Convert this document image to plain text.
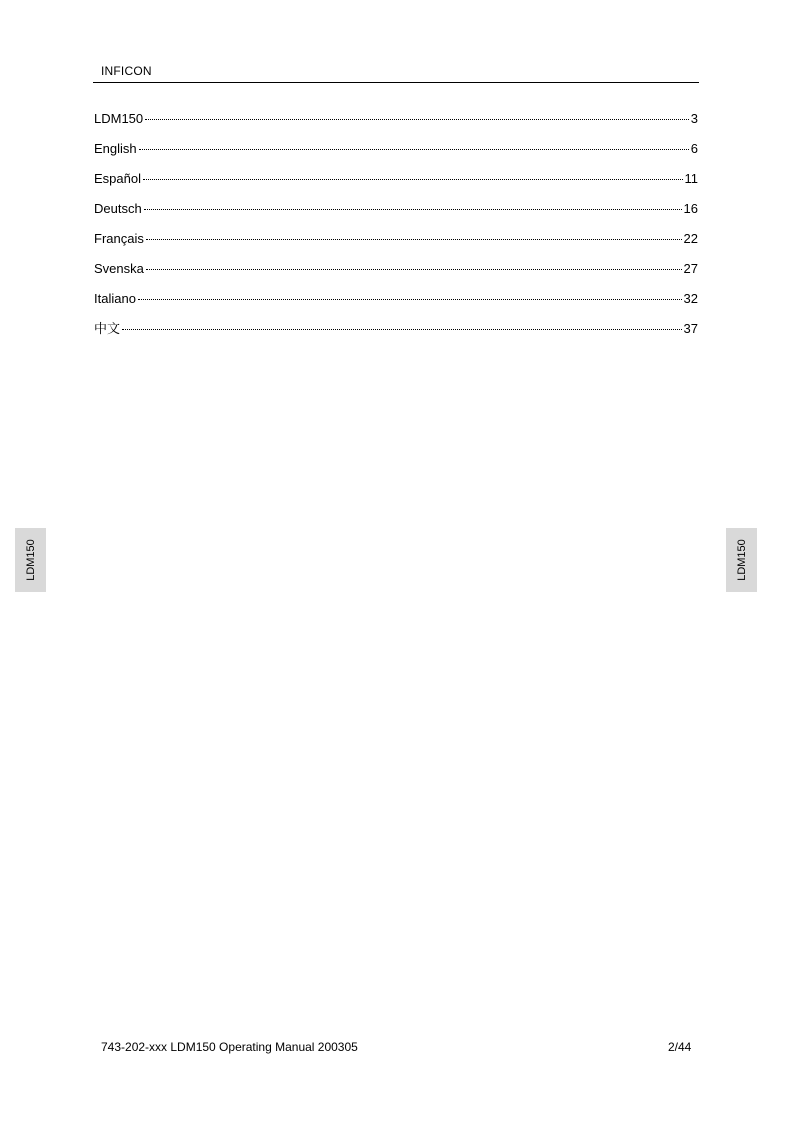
INFICON
LDM150	3
English	6
Español	11
Deutsch	16
Français	22
Svenska	27
Italiano	32
中文	37
LDM150	LDM150
743-202-xxx LDM150 Operating Manual 200305	2/44
